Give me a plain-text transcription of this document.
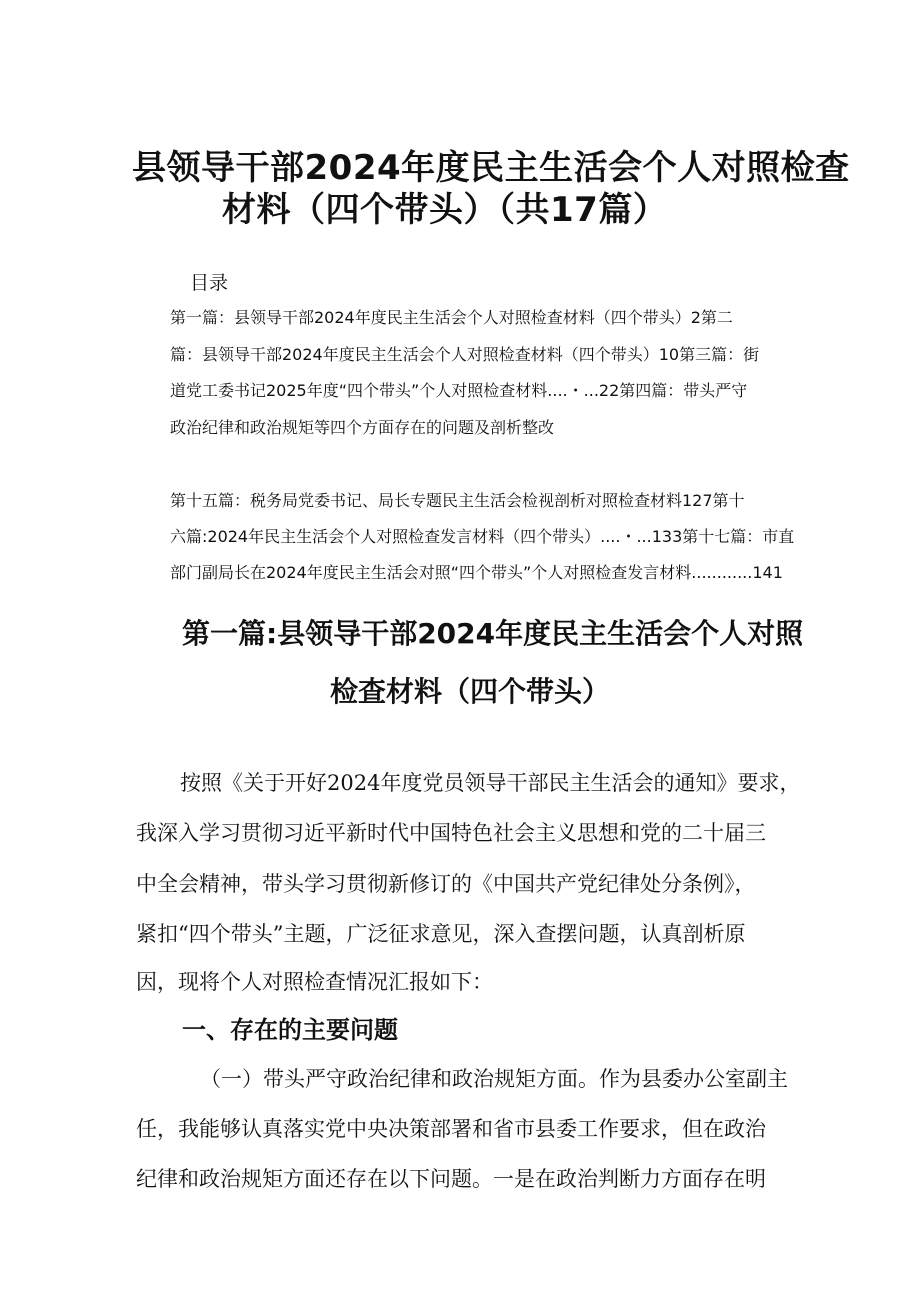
县领导干部2024年度民主生活会个人对照检查
材料（四个带头）（共17篇）

目录

第一篇：县领导干部2024年度民主生活会个人对照检查材料（四个带头）2第二

篇：县领导干部2024年度民主生活会个人对照检查材料（四个带头）10第三篇：街

道党工委书记2025年度“四个带头”个人对照检查材料....・...22第四篇：带头严守

政治纪律和政治规矩等四个方面存在的问题及剖析整改

第十五篇：税务局党委书记、局长专题民主生活会检视剖析对照检查材料127第十

六篇:2024年民主生活会个人对照检查发言材料（四个带头）....・...133第十七篇：市直

部门副局长在2024年度民主生活会对照“四个带头”个人对照检查发言材料............141

第一篇:县领导干部2024年度民主生活会个人对照
检查材料（四个带头）

按照《关于开好2024年度党员领导干部民主生活会的通知》要求，

我深入学习贯彻习近平新时代中国特色社会主义思想和党的二十届三

中全会精神，带头学习贯彻新修订的《中国共产党纪律处分条例》，

紧扣“四个带头”主题，广泛征求意见，深入查摆问题，认真剖析原

因，现将个人对照检查情况汇报如下：

一、存在的主要问题

（一）带头严守政治纪律和政治规矩方面。作为县委办公室副主

任，我能够认真落实党中央决策部署和省市县委工作要求，但在政治

纪律和政治规矩方面还存在以下问题。一是在政治判断力方面存在明
